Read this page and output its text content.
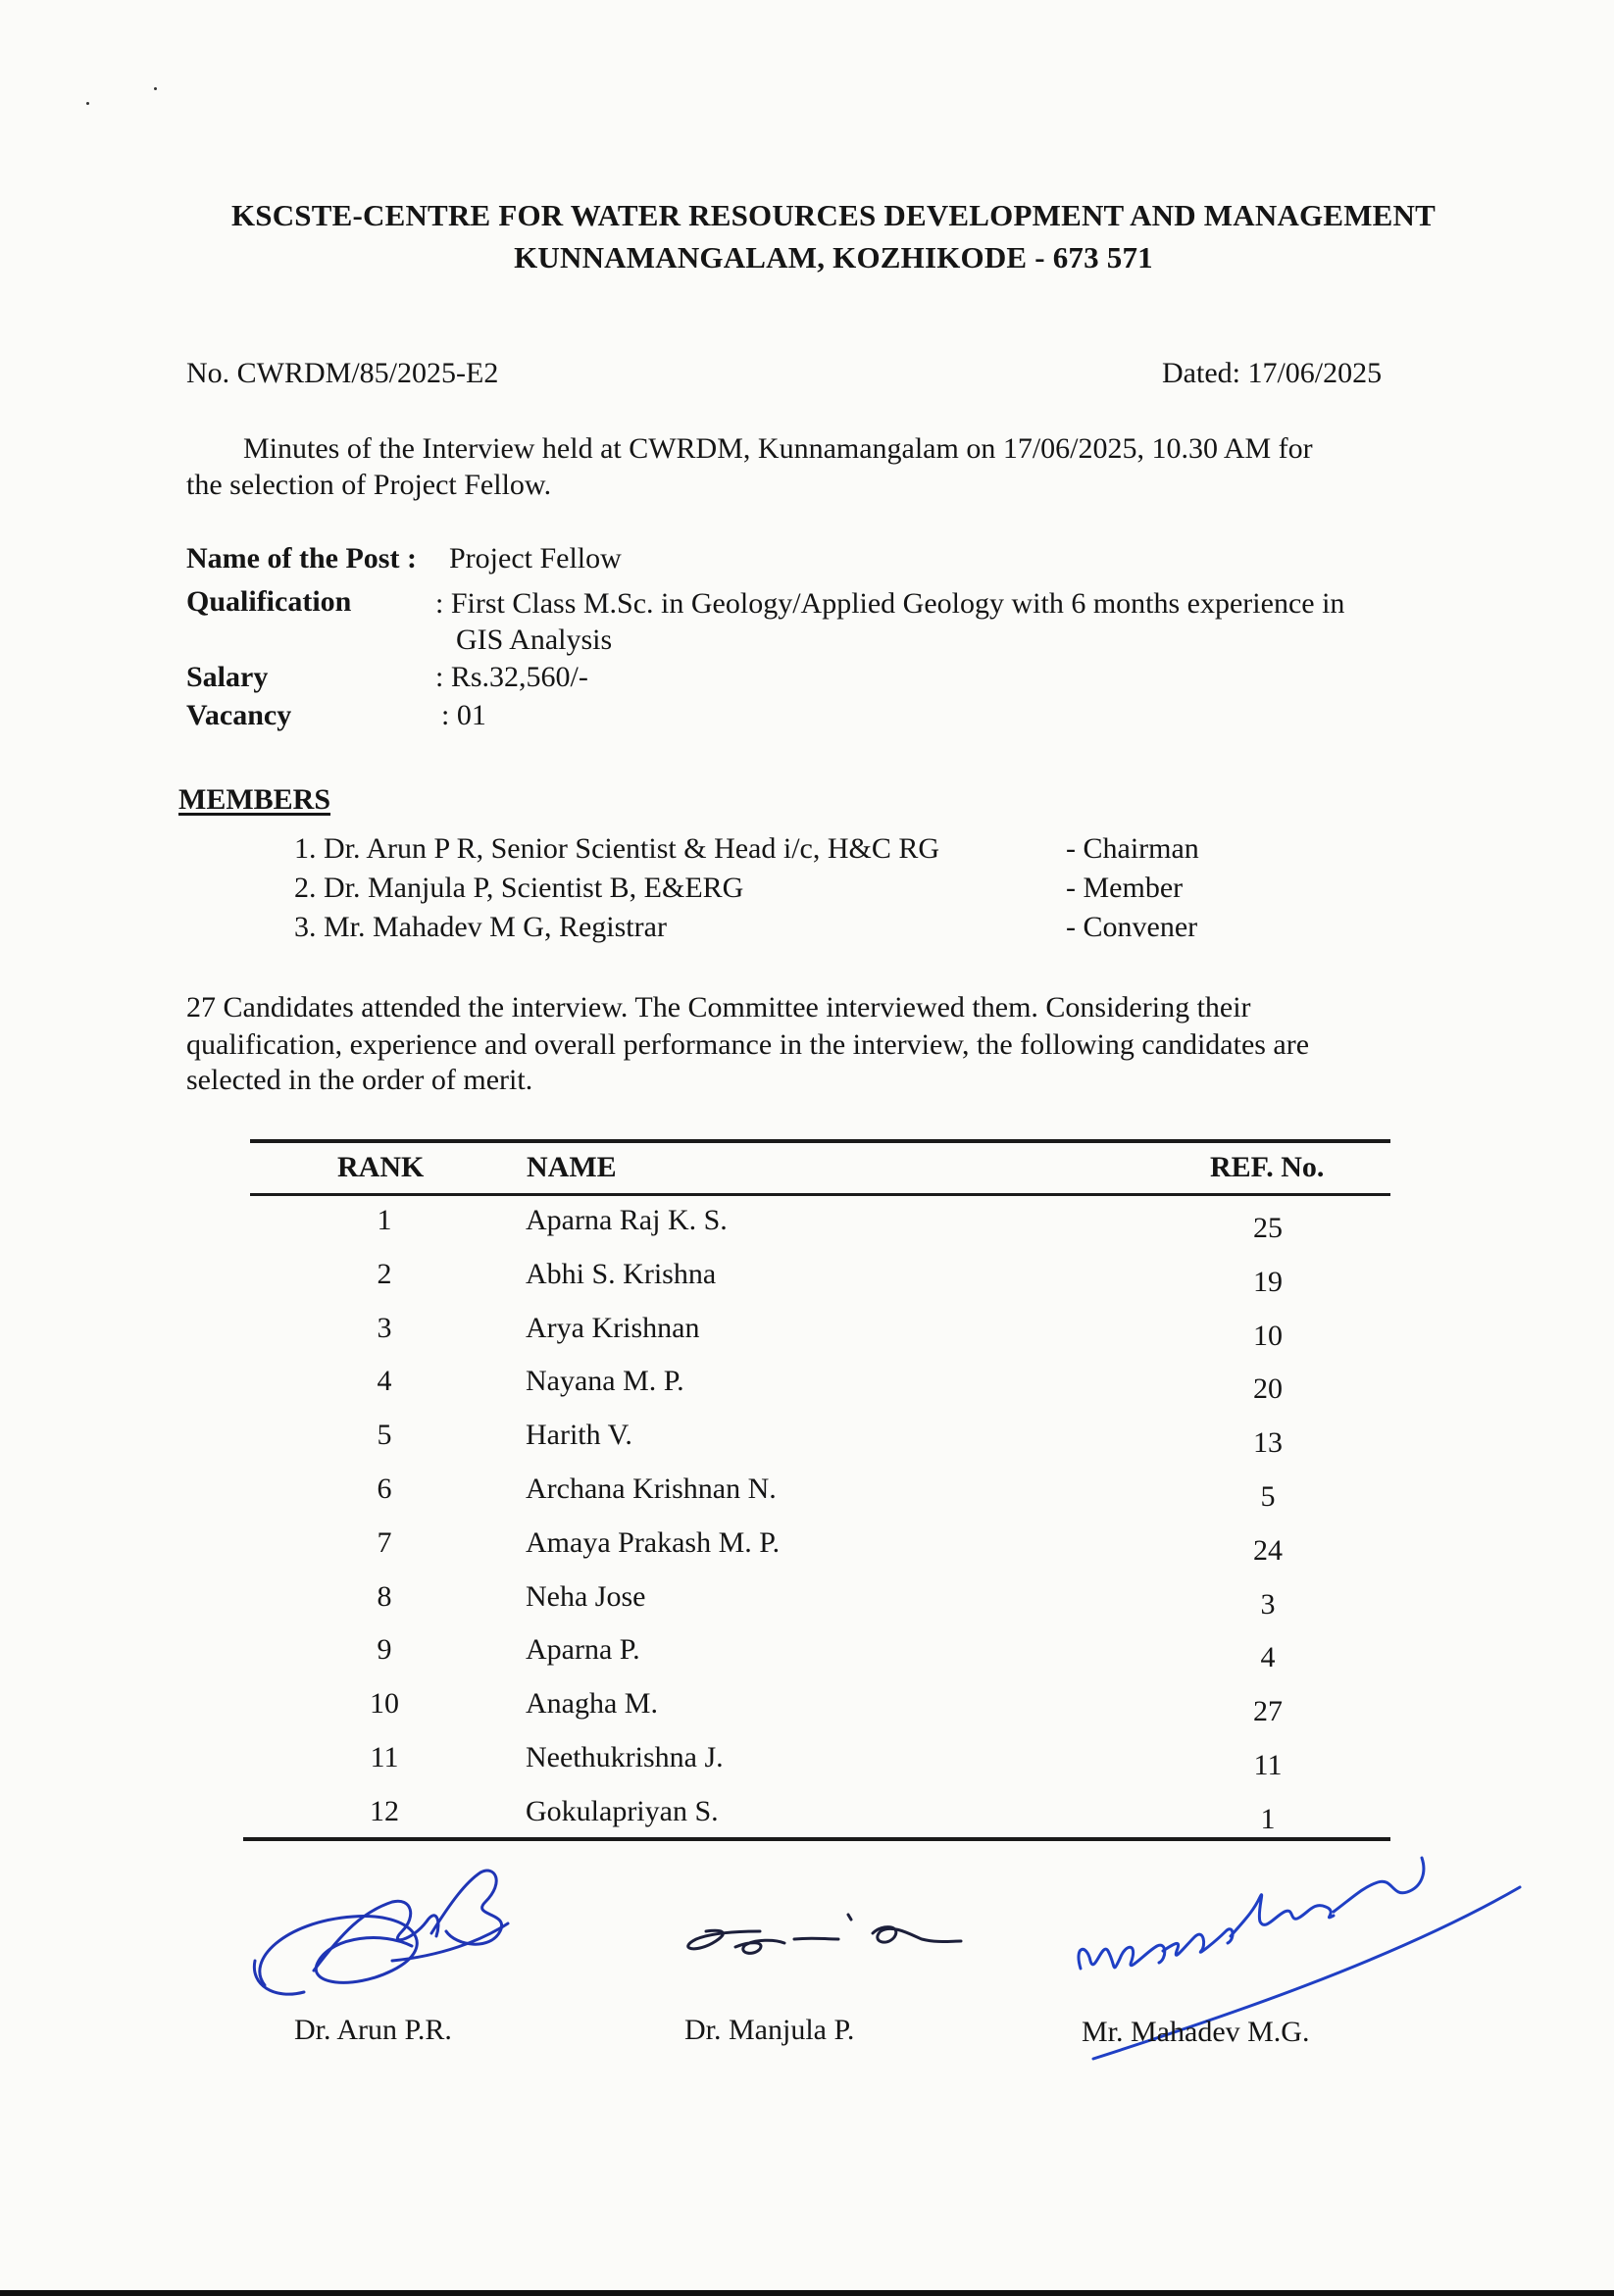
KSCSTE-CENTRE FOR WATER RESOURCES DEVELOPMENT AND MANAGEMENT
KUNNAMANGALAM, KOZHIKODE - 673 571
No. CWRDM/85/2025-E2	Dated: 17/06/2025
Minutes of the Interview held at CWRDM, Kunnamangalam on 17/06/2025, 10.30 AM for
the selection of Project Fellow.
Name of the Post : Project Fellow
Qualification	: First Class M.Sc. in Geology/Applied Geology with 6 months experience in
GIS Analysis
Salary	: Rs.32,560/-
Vacancy	: 01
MEMBERS
1. Dr. Arun P R, Senior Scientist & Head i/c, H&C RG	- Chairman
2. Dr. Manjula P, Scientist B, E&ERG	- Member
3. Mr. Mahadev M G, Registrar	- Convener
27 Candidates attended the interview. The Committee interviewed them. Considering their
qualification, experience and overall performance in the interview, the following candidates are
selected in the order of merit.
RANK	NAME	REF. No.
1	Aparna Raj K. S.	25
2	Abhi S. Krishna	19
3	Arya Krishnan	10
4	Nayana M. P.	20
5	Harith V.	13
6	Archana Krishnan N.	5
7	Amaya Prakash M. P.	24
8	Neha Jose	3
9	Aparna P.	4
10	Anagha M.	27
11	Neethukrishna J.	11
12	Gokulapriyan S.	1
Dr. Arun P.R.	Dr. Manjula P.	Mr. Mahadev M.G.
